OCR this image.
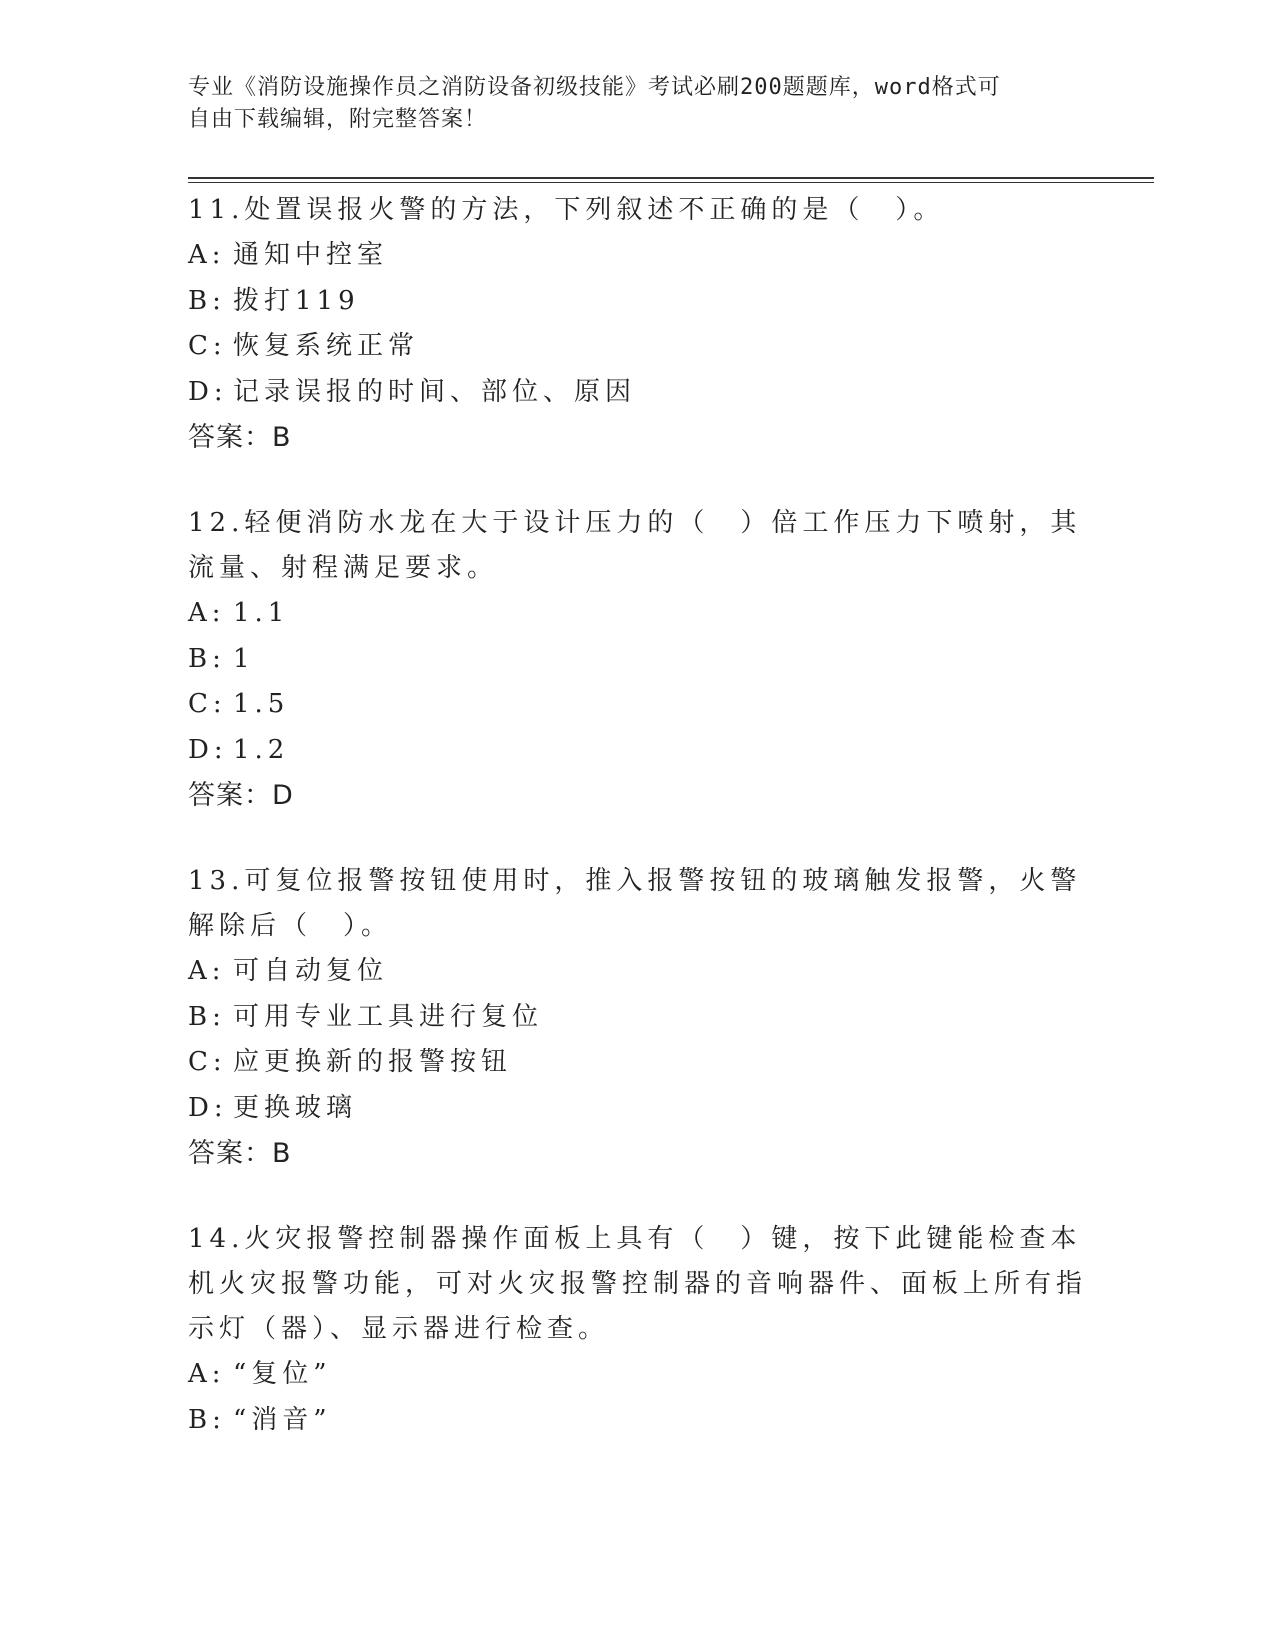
专业《消防设施操作员之消防设备初级技能》考试必刷200题题库，word格式可
自由下载编辑，附完整答案！

11.处置误报火警的方法，下列叙述不正确的是（　）。

A: 通知中控室
B: 拨打119
C: 恢复系统正常
D: 记录误报的时间、部位、原因
答案：B

12.轻便消防水龙在大于设计压力的（　）倍工作压力下喷射，其流量、射程满足要求。

A: 1.1
B: 1
C: 1.5
D: 1.2
答案：D

13.可复位报警按钮使用时，推入报警按钮的玻璃触发报警，火警解除后（　）。

A: 可自动复位
B: 可用专业工具进行复位
C: 应更换新的报警按钮
D: 更换玻璃
答案：B

14.火灾报警控制器操作面板上具有（　）键，按下此键能检查本机火灾报警功能，可对火灾报警控制器的音响器件、面板上所有指示灯（器）、显示器进行检查。

A: “复位”
B: “消音”
